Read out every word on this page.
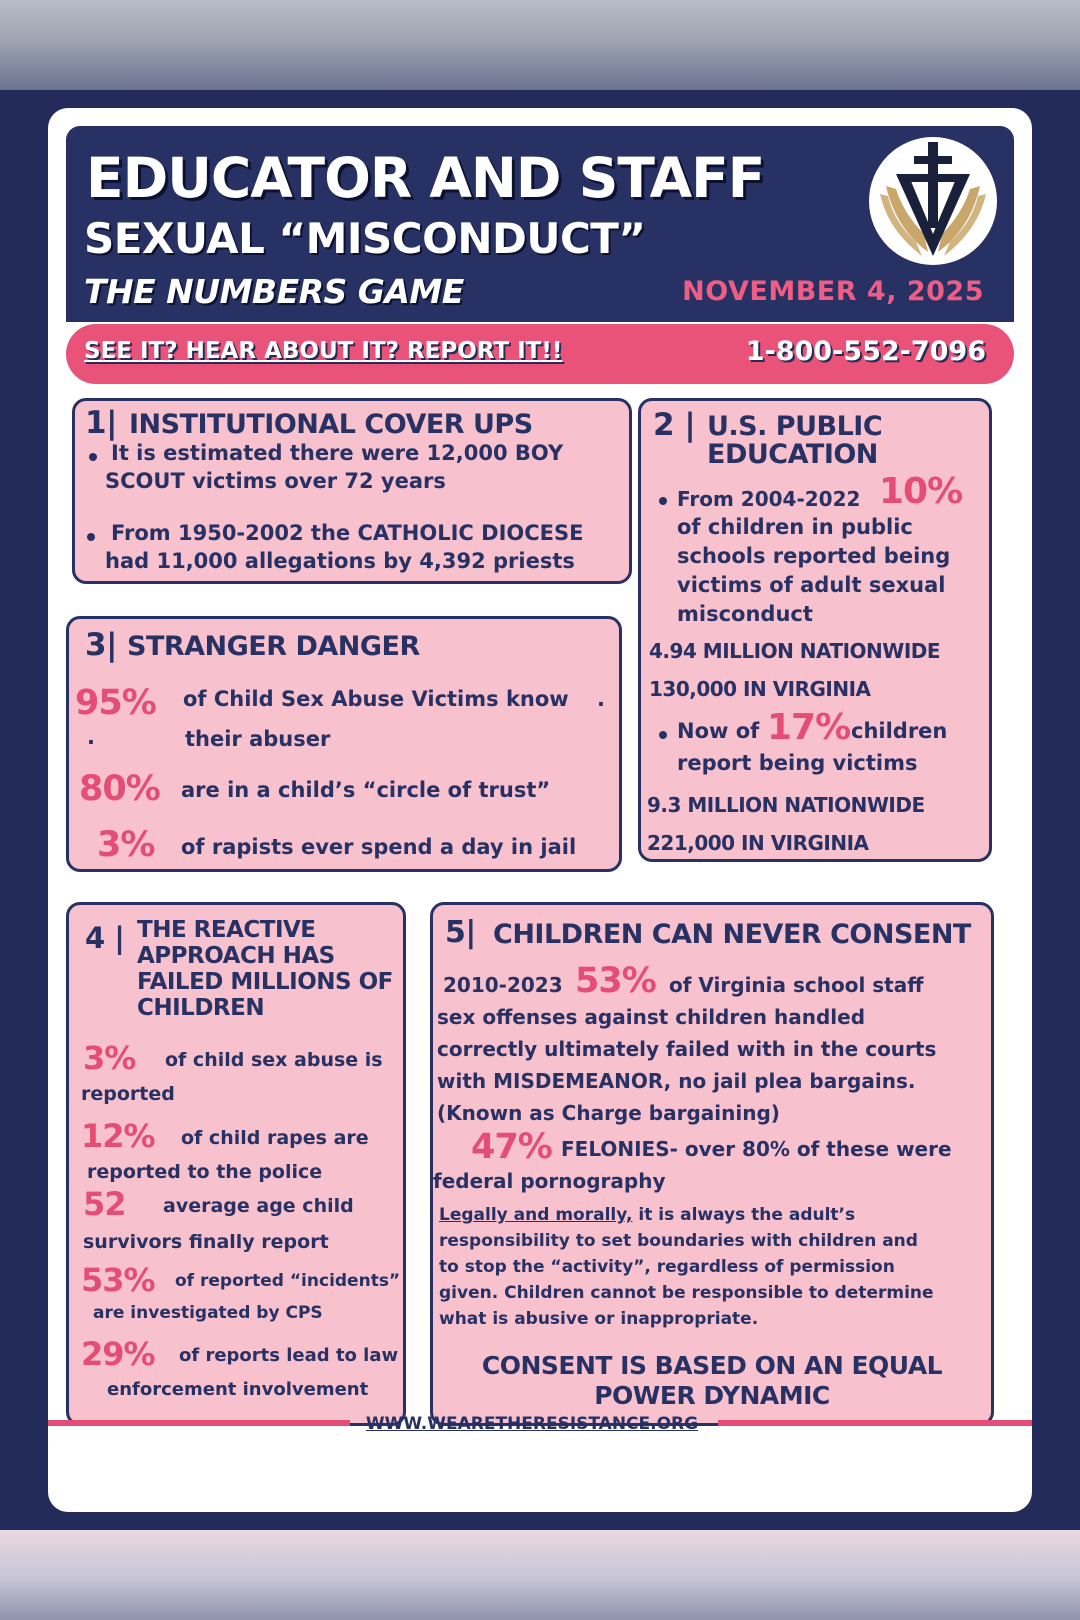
EDUCATOR AND STAFF
SEXUAL “MISCONDUCT”
THE NUMBERS GAME	NOVEMBER 4, 2025
SEE IT? HEAR ABOUT IT? REPORT IT!!	1-800-552-7096
1| INSTITUTIONAL COVER UPS
It is estimated there were 12,000 BOY
SCOUT victims over 72 years
From 1950-2002 the CATHOLIC DIOCESE
had 11,000 allegations by 4,392 priests
2 | U.S. PUBLIC
EDUCATION
From 2004-2022 10%
of children in public
schools reported being
victims of adult sexual
misconduct
4.94 MILLION NATIONWIDE
130,000 IN VIRGINIA
Now of 17% children
report being victims
9.3 MILLION NATIONWIDE
221,000 IN VIRGINIA
3| STRANGER DANGER
95% of Child Sex Abuse Victims know .
.	their abuser
80% are in a child’s “circle of trust”
3% of rapists ever spend a day in jail
4 | THE REACTIVE
APPROACH HAS
FAILED MILLIONS OF
CHILDREN
3% of child sex abuse is
reported
12% of child rapes are
reported to the police
52 average age child
survivors finally report
53% of reported “incidents”
are investigated by CPS
29% of reports lead to law
enforcement involvement
5| CHILDREN CAN NEVER CONSENT
2010-2023 53% of Virginia school staff
sex offenses against children handled
correctly ultimately failed with in the courts
with MISDEMEANOR, no jail plea bargains.
(Known as Charge bargaining)
47% FELONIES- over 80% of these were
federal pornography
Legally and morally, it is always the adult’s
responsibility to set boundaries with children and
to stop the “activity”, regardless of permission
given. Children cannot be responsible to determine
what is abusive or inappropriate.
CONSENT IS BASED ON AN EQUAL
POWER DYNAMIC
WWW.WEARETHERESISTANCE.ORG
